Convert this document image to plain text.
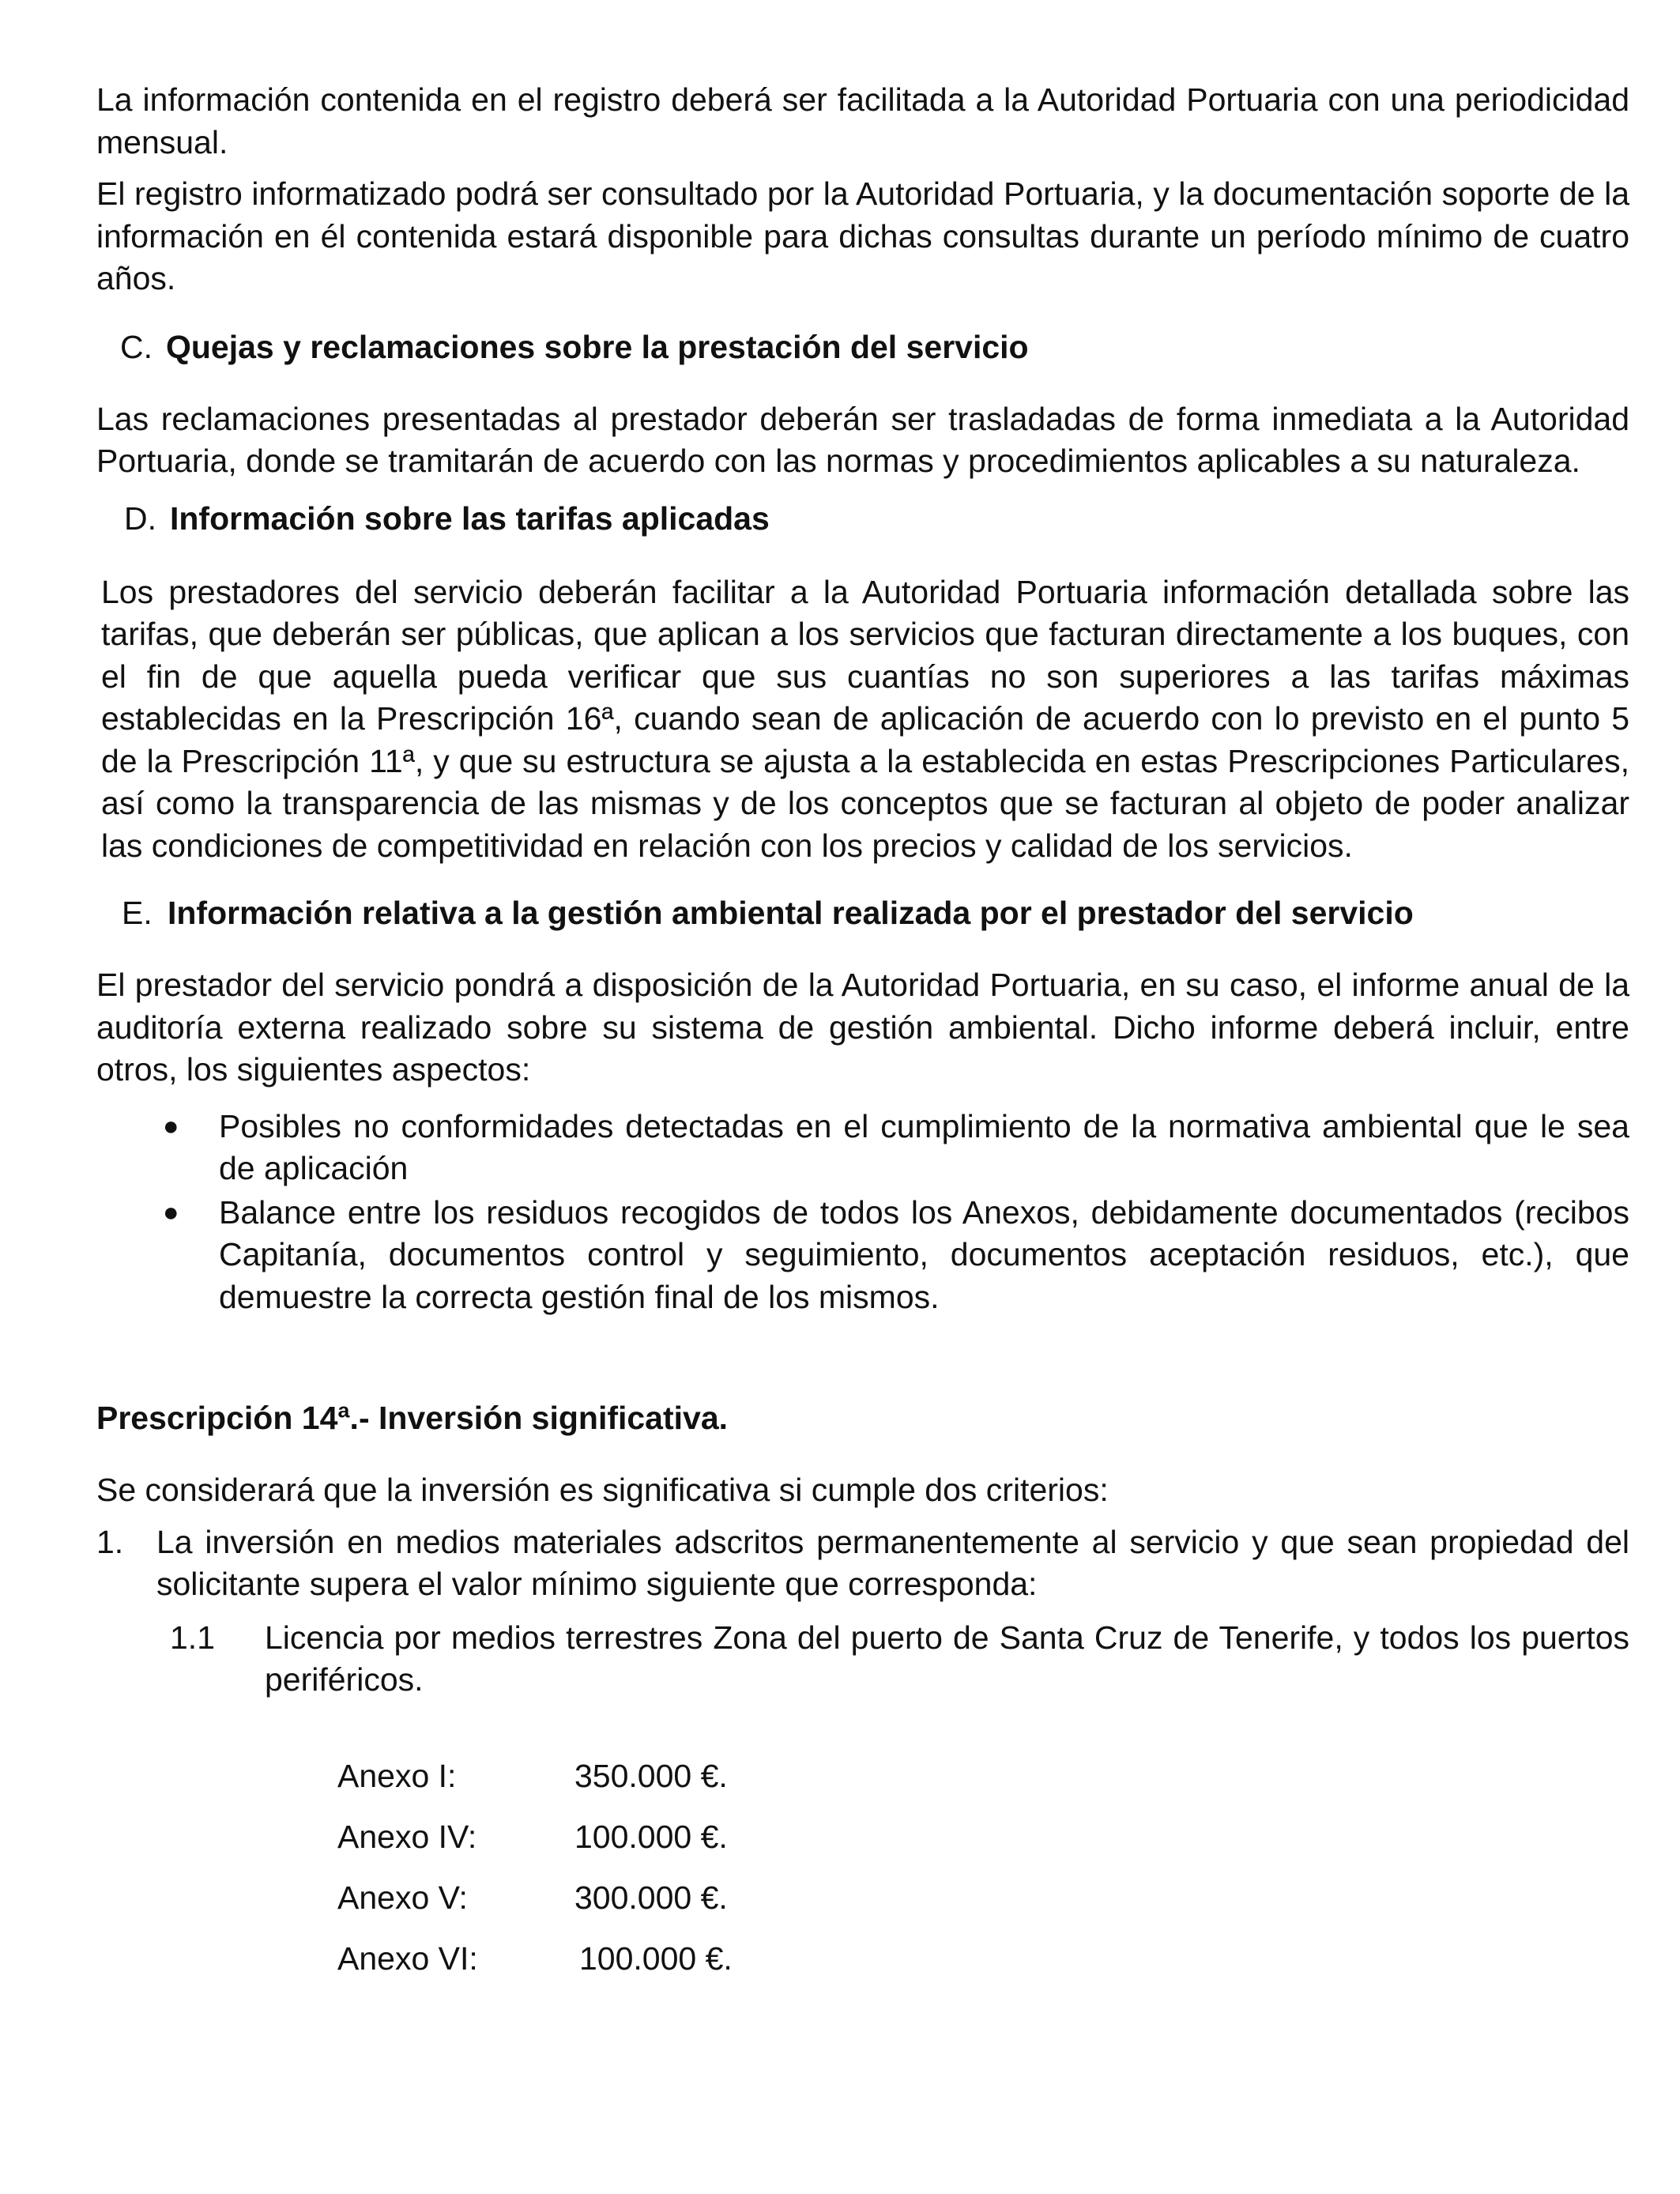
La información contenida en el registro deberá ser facilitada a la Autoridad Portuaria con una periodicidad mensual.

El registro informatizado podrá ser consultado por la Autoridad Portuaria, y la documentación soporte de la información en él contenida estará disponible para dichas consultas durante un período mínimo de cuatro años.

C. Quejas y reclamaciones sobre la prestación del servicio

Las reclamaciones presentadas al prestador deberán ser trasladadas de forma inmediata a la Autoridad Portuaria, donde se tramitarán de acuerdo con las normas y procedimientos aplicables a su naturaleza.

D. Información sobre las tarifas aplicadas

Los prestadores del servicio deberán facilitar a la Autoridad Portuaria información detallada sobre las tarifas, que deberán ser públicas, que aplican a los servicios que facturan directamente a los buques, con el fin de que aquella pueda verificar que sus cuantías no son superiores a las tarifas máximas establecidas en la Prescripción 16ª, cuando sean de aplicación de acuerdo con lo previsto en el punto 5 de la Prescripción 11ª, y que su estructura se ajusta a la establecida en estas Prescripciones Particulares, así como la transparencia de las mismas y de los conceptos que se facturan al objeto de poder analizar las condiciones de competitividad en relación con los precios y calidad de los servicios.

E. Información relativa a la gestión ambiental realizada por el prestador del servicio

El prestador del servicio pondrá a disposición de la Autoridad Portuaria, en su caso, el informe anual de la auditoría externa realizado sobre su sistema de gestión ambiental. Dicho informe deberá incluir, entre otros, los siguientes aspectos:

● Posibles no conformidades detectadas en el cumplimiento de la normativa ambiental que le sea de aplicación
● Balance entre los residuos recogidos de todos los Anexos, debidamente documentados (recibos Capitanía, documentos control y seguimiento, documentos aceptación residuos, etc.), que demuestre la correcta gestión final de los mismos.
Prescripción 14ª.- Inversión significativa.

Se considerará que la inversión es significativa si cumple dos criterios:

1. La inversión en medios materiales adscritos permanentemente al servicio y que sean propiedad del solicitante supera el valor mínimo siguiente que corresponda:

1.1 Licencia por medios terrestres Zona del puerto de Santa Cruz de Tenerife, y todos los puertos periféricos.

Anexo I:	350.000 €.
Anexo IV:	100.000 €.
Anexo V:	300.000 €.
Anexo VI:	100.000 €.
